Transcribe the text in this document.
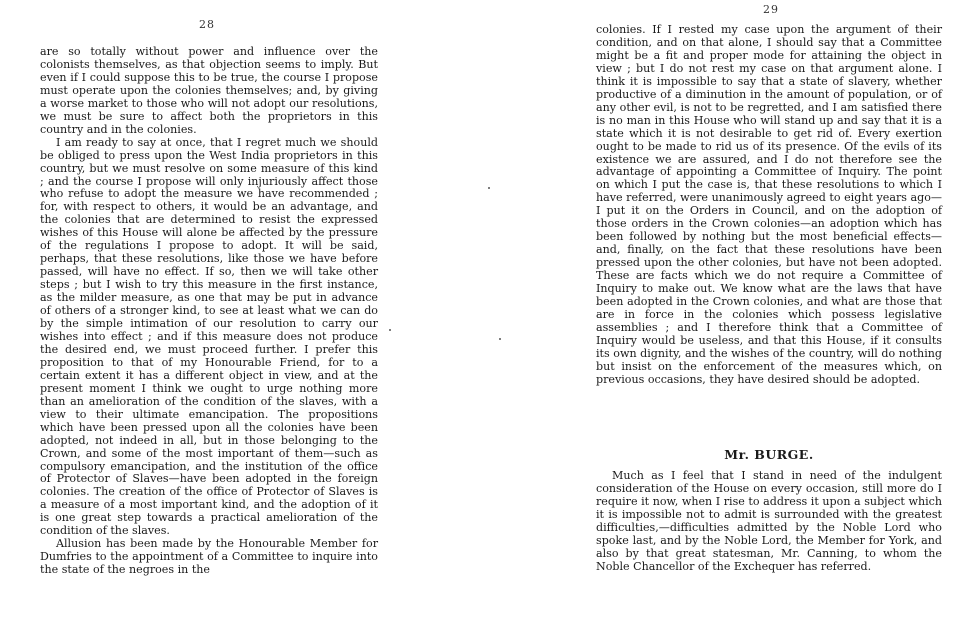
28

are so totally without power and influence over the colonists themselves, as that objection seems to imply. But even if I could suppose this to be true, the course I propose must operate upon the colonies themselves; and, by giving a worse market to those who will not adopt our resolutions, we must be sure to affect both the proprietors in this country and in the colonies.

I am ready to say at once, that I regret much we should be obliged to press upon the West India proprietors in this country, but we must resolve on some measure of this kind ; and the course I propose will only injuriously affect those who refuse to adopt the measure we have recommended ; for, with respect to others, it would be an advantage, and the colonies that are determined to resist the expressed wishes of this House will alone be affected by the pressure of the regulations I propose to adopt. It will be said, perhaps, that these resolutions, like those we have before passed, will have no effect. If so, then we will take other steps ; but I wish to try this measure in the first instance, as the milder measure, as one that may be put in advance of others of a stronger kind, to see at least what we can do by the simple intimation of our resolution to carry our wishes into effect ; and if this measure does not produce the desired end, we must proceed further. I prefer this proposition to that of my Honourable Friend, for to a certain extent it has a different object in view, and at the present moment I think we ought to urge nothing more than an amelioration of the condition of the slaves, with a view to their ultimate emancipation. The propositions which have been pressed upon all the colonies have been adopted, not indeed in all, but in those belonging to the Crown, and some of the most important of them—such as compulsory emancipation, and the institution of the office of Protector of Slaves—have been adopted in the foreign colonies. The creation of the office of Protector of Slaves is a measure of a most important kind, and the adoption of it is one great step towards a practical amelioration of the condition of the slaves.

Allusion has been made by the Honourable Member for Dumfries to the appointment of a Committee to inquire into the state of the negroes in the

29

colonies. If I rested my case upon the argument of their condition, and on that alone, I should say that a Committee might be a fit and proper mode for attaining the object in view ; but I do not rest my case on that argument alone. I think it is impossible to say that a state of slavery, whether productive of a diminution in the amount of population, or of any other evil, is not to be regretted, and I am satisfied there is no man in this House who will stand up and say that it is a state which it is not desirable to get rid of. Every exertion ought to be made to rid us of its presence. Of the evils of its existence we are assured, and I do not therefore see the advantage of appointing a Committee of Inquiry. The point on which I put the case is, that these resolutions to which I have referred, were unanimously agreed to eight years ago—I put it on the Orders in Council, and on the adoption of those orders in the Crown colonies—an adoption which has been followed by nothing but the most beneficial effects—and, finally, on the fact that these resolutions have been pressed upon the other colonies, but have not been adopted. These are facts which we do not require a Committee of Inquiry to make out. We know what are the laws that have been adopted in the Crown colonies, and what are those that are in force in the colonies which possess legislative assemblies ; and I therefore think that a Committee of Inquiry would be useless, and that this House, if it consults its own dignity, and the wishes of the country, will do nothing but insist on the enforcement of the measures which, on previous occasions, they have desired should be adopted.

Mr. BURGE.

Much as I feel that I stand in need of the indulgent consideration of the House on every occasion, still more do I require it now, when I rise to address it upon a subject which it is impossible not to admit is surrounded with the greatest difficulties,—difficulties admitted by the Noble Lord who spoke last, and by the Noble Lord, the Member for York, and also by that great statesman, Mr. Canning, to whom the Noble Chancellor of the Exchequer has referred.
